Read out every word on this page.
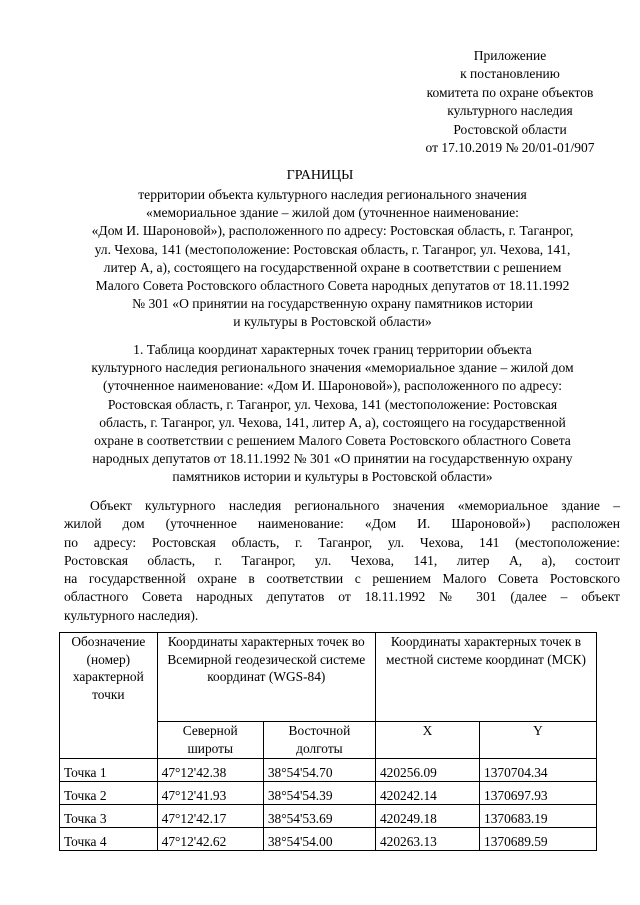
Приложение
к постановлению
комитета по охране объектов
культурного наследия
Ростовской области
от 17.10.2019 № 20/01-01/907
ГРАНИЦЫ
территории объекта культурного наследия регионального значения
«мемориальное здание – жилой дом (уточненное наименование:
«Дом И. Шароновой»), расположенного по адресу: Ростовская область, г. Таганрог,
ул. Чехова, 141 (местоположение: Ростовская область, г. Таганрог, ул. Чехова, 141,
литер А, а), состоящего на государственной охране в соответствии с решением
Малого Совета Ростовского областного Совета народных депутатов от 18.11.1992
№ 301 «О принятии на государственную охрану памятников истории
и культуры в Ростовской области»
1. Таблица координат характерных точек границ территории объекта
культурного наследия регионального значения «мемориальное здание – жилой дом
(уточненное наименование: «Дом И. Шароновой»), расположенного по адресу:
Ростовская область, г. Таганрог, ул. Чехова, 141 (местоположение: Ростовская
область, г. Таганрог, ул. Чехова, 141, литер А, а), состоящего на государственной
охране в соответствии с решением Малого Совета Ростовского областного Совета
народных депутатов от 18.11.1992 № 301 «О принятии на государственную охрану
памятников истории и культуры в Ростовской области»
Объект культурного наследия регионального значения «мемориальное здание –
жилой дом (уточненное наименование: «Дом И. Шароновой») расположен
по адресу: Ростовская область, г. Таганрог, ул. Чехова, 141 (местоположение:
Ростовская область, г. Таганрог, ул. Чехова, 141, литер А, а), состоит
на государственной охране в соответствии с решением Малого Совета Ростовского
областного Совета народных депутатов от 18.11.1992 № 301 (далее – объект
культурного наследия).
Обозначение (номер) характерной точки	Координаты характерных точек во Всемирной геодезической системе координат (WGS-84)		Координаты характерных точек в местной системе координат (МСК)	
	Северной широты	Восточной долготы	X	Y
Точка 1	47°12'42.38	38°54'54.70	420256.09	1370704.34
Точка 2	47°12'41.93	38°54'54.39	420242.14	1370697.93
Точка 3	47°12'42.17	38°54'53.69	420249.18	1370683.19
Точка 4	47°12'42.62	38°54'54.00	420263.13	1370689.59
